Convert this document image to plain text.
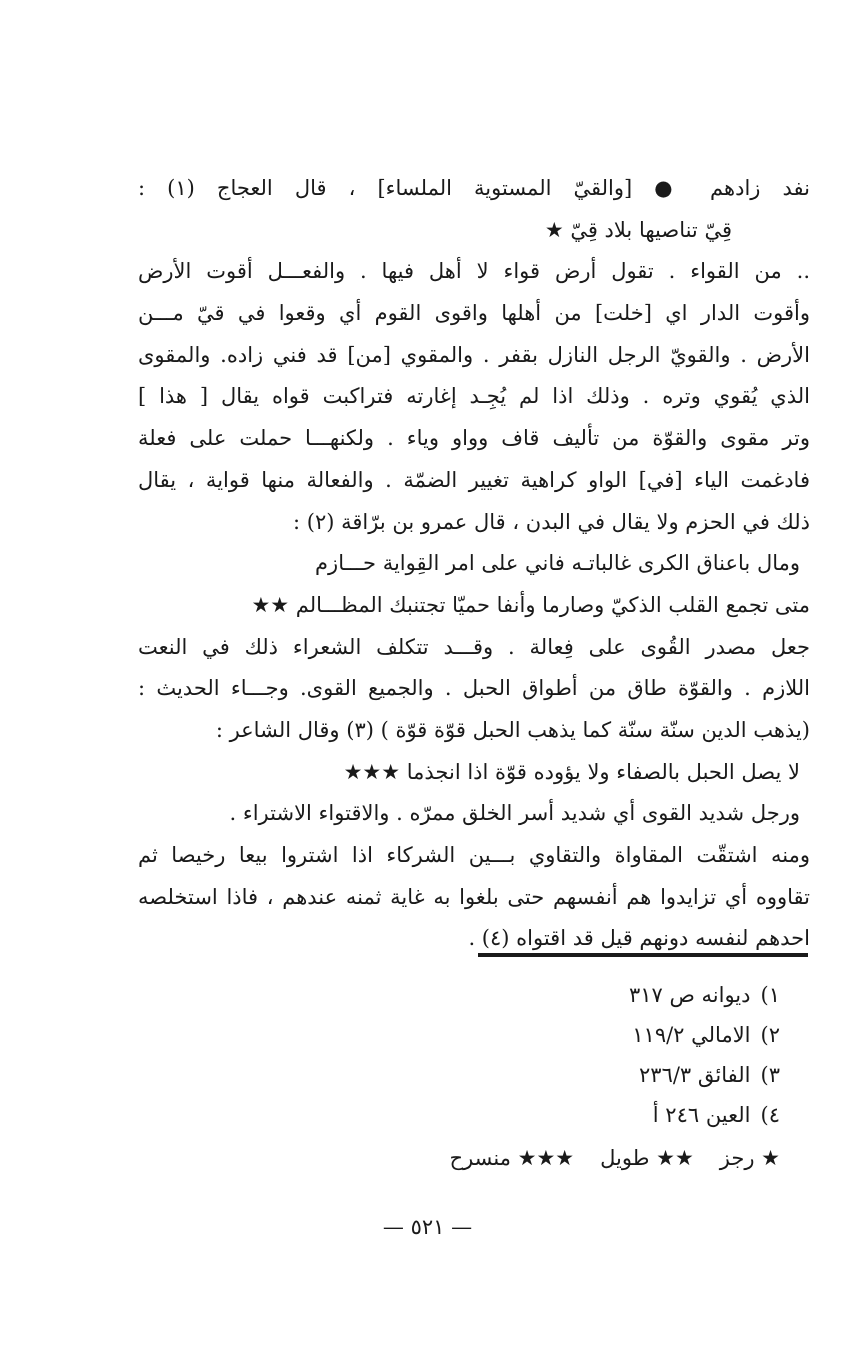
نفد زادهم ● [والقيّ المستوية الملساء] ، قال العجاج (١) :
قِيّ تناصيها بلاد قِيّ ★
.. من القواء . تقول أرض قواء لا أهل فيها . والفعـــل أقوت الأرض
وأقوت الدار اي [خلت] من أهلها واقوى القوم أي وقعوا في قيّ مـــن
الأرض . والقويّ الرجل النازل بقفر . والمقوي [من] قد فني زاده. والمقوى
الذي يُقوي وتره . وذلك اذا لم يُجِـد إغارته فتراكبت قواه يقال [ هذا ]
وتر مقوى والقوّة من تأليف قاف وواو وياء . ولكنهـــا حملت على فعلة
فادغمت الياء [في] الواو كراهية تغيير الضمّة . والفعالة منها قواية ، يقال
ذلك في الحزم ولا يقال في البدن ، قال عمرو بن برّاقة (٢) :
ومال باعناق الكرى غالباتـه فاني على امر القِواية حـــازم
متى تجمع القلب الذكيّ وصارما وأنفا حميّا تجتنبك المظـــالم ★★
جعل مصدر القُوى على فِعالة . وقـــد تتكلف الشعراء ذلك في النعت
اللازم . والقوّة طاق من أطواق الحبل . والجميع القوى. وجـــاء الحديث :
(يذهب الدين سنّة سنّة كما يذهب الحبل قوّة قوّة ) (٣) وقال الشاعر :
لا يصل الحبل بالصفاء ولا يؤوده قوّة اذا انجذما ★★★
ورجل شديد القوى أي شديد أسر الخلق ممرّه . والاقتواء الاشتراء .
ومنه اشتقّت المقاواة والتقاوي بـــين الشركاء اذا اشتروا بيعا رخيصا ثم
تقاووه أي تزايدوا هم أنفسهم حتى بلغوا به غاية ثمنه عندهم ، فاذا استخلصه
احدهم لنفسه دونهم قيل قد اقتواه (٤) .
١)ديوانه ص ٣١٧
٢)الامالي ١١٩/٢
٣)الفائق ٢٣٦/٣
٤)العين ٢٤٦ أ
★ رجز★★ طويل★★★ منسرح
— ٥٢١ —
